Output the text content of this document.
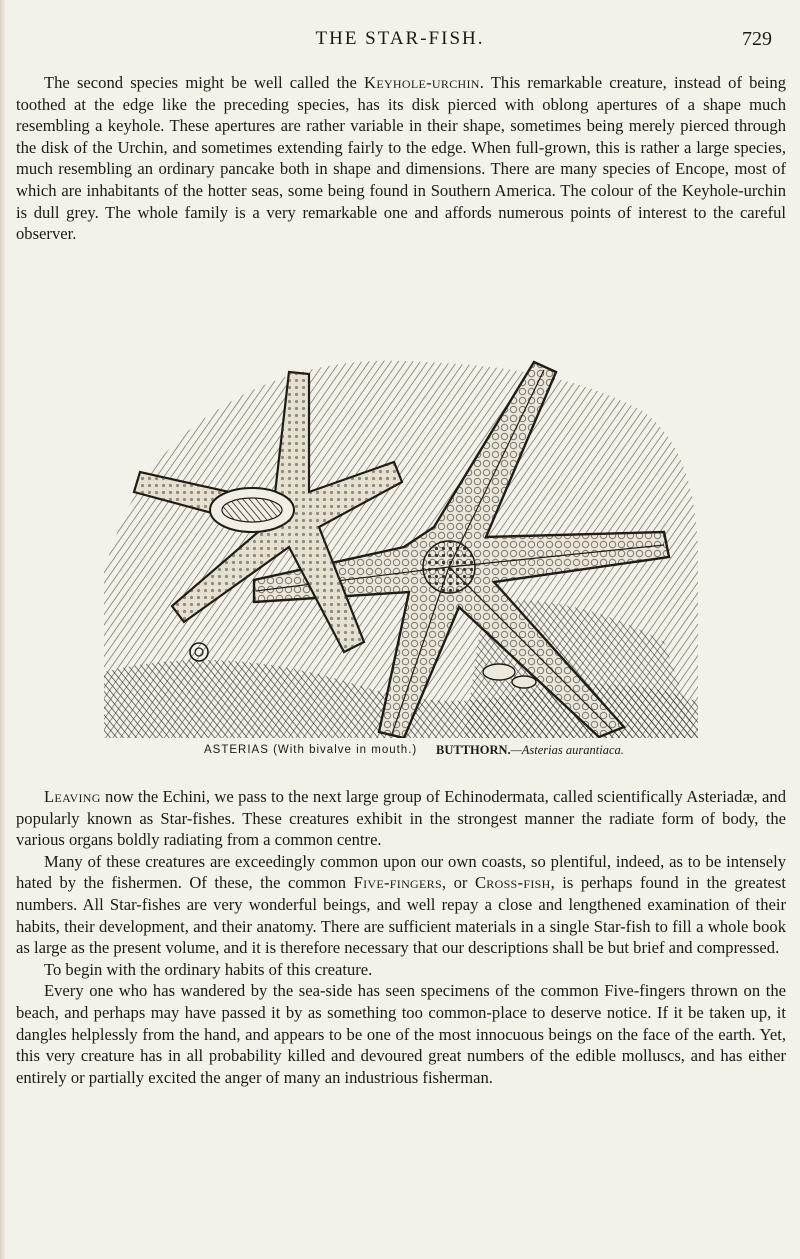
THE STAR-FISH.	729

The second species might be well called the Keyhole-urchin. This remarkable creature, instead of being toothed at the edge like the preceding species, has its disk pierced with oblong apertures of a shape much resembling a keyhole. These apertures are rather variable in their shape, sometimes being merely pierced through the disk of the Urchin, and sometimes extending fairly to the edge. When full-grown, this is rather a large species, much resembling an ordinary pancake both in shape and dimensions. There are many species of Encope, most of which are inhabitants of the hotter seas, some being found in Southern America. The colour of the Keyhole-urchin is dull grey. The whole family is a very remarkable one and affords numerous points of interest to the careful observer.

ASTERIAS (With bivalve in mouth.) BUTTHORN.—Asterias aurantiaca.

Leaving now the Echini, we pass to the next large group of Echinodermata, called scientifically Asteriadæ, and popularly known as Star-fishes. These creatures exhibit in the strongest manner the radiate form of body, the various organs boldly radiating from a common centre.

Many of these creatures are exceedingly common upon our own coasts, so plentiful, indeed, as to be intensely hated by the fishermen. Of these, the common Five-fingers, or Cross-fish, is perhaps found in the greatest numbers. All Star-fishes are very wonderful beings, and well repay a close and lengthened examination of their habits, their development, and their anatomy. There are sufficient materials in a single Star-fish to fill a whole book as large as the present volume, and it is therefore necessary that our descriptions shall be but brief and compressed.

To begin with the ordinary habits of this creature.

Every one who has wandered by the sea-side has seen specimens of the common Five-fingers thrown on the beach, and perhaps may have passed it by as something too common-place to deserve notice. If it be taken up, it dangles helplessly from the hand, and appears to be one of the most innocuous beings on the face of the earth. Yet, this very creature has in all probability killed and devoured great numbers of the edible molluscs, and has either entirely or partially excited the anger of many an industrious fisherman.
